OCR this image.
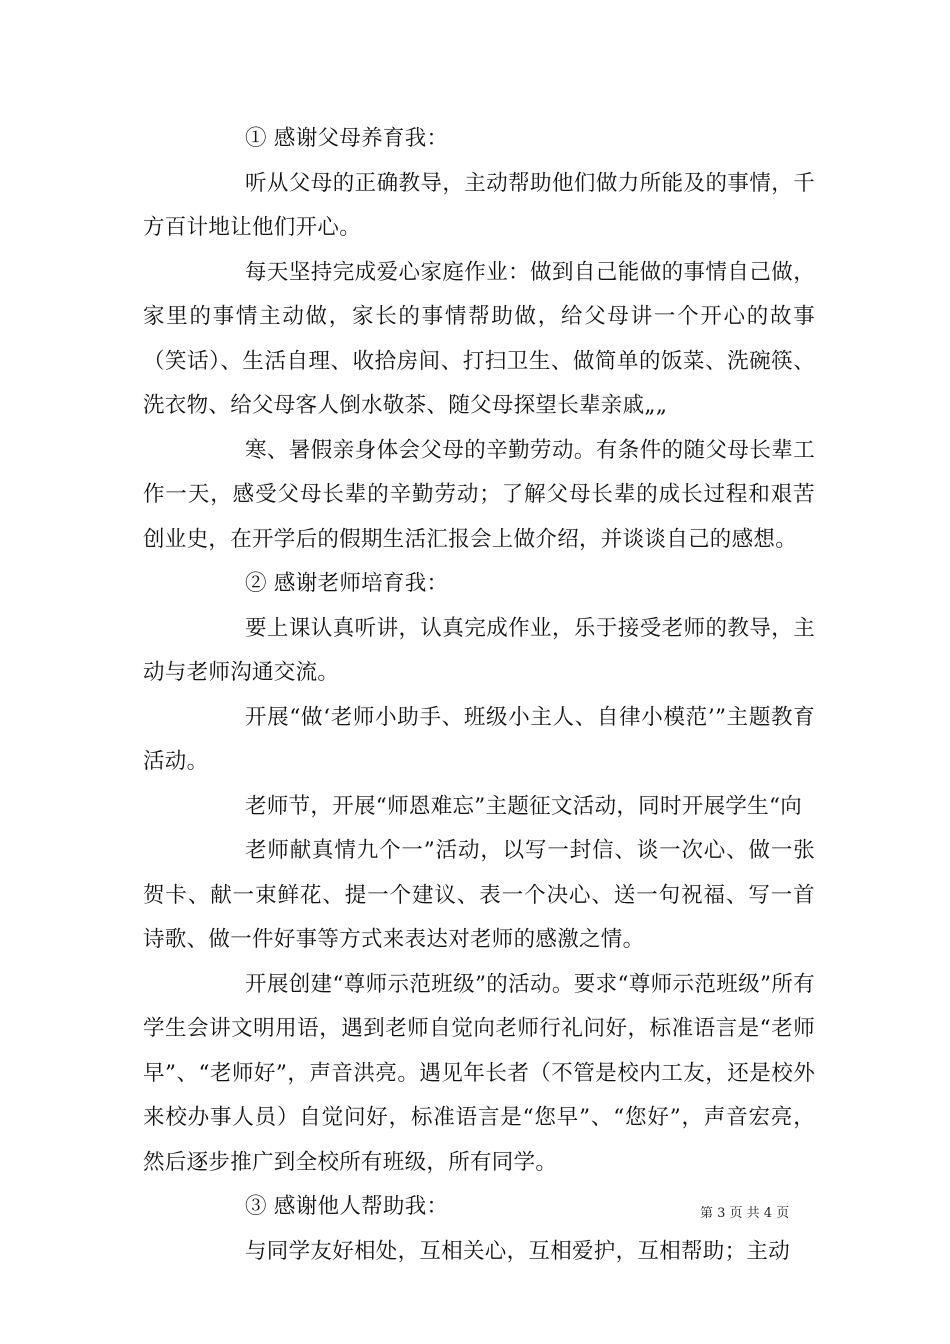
① 感谢父母养育我：

听从父母的正确教导，主动帮助他们做力所能及的事情，千方百计地让他们开心。

每天坚持完成爱心家庭作业：做到自己能做的事情自己做，家里的事情主动做，家长的事情帮助做，给父母讲一个开心的故事（笑话）、生活自理、收拾房间、打扫卫生、做简单的饭菜、洗碗筷、洗衣物、给父母客人倒水敬茶、随父母探望长辈亲戚„„

寒、暑假亲身体会父母的辛勤劳动。有条件的随父母长辈工作一天，感受父母长辈的辛勤劳动；了解父母长辈的成长过程和艰苦创业史，在开学后的假期生活汇报会上做介绍，并谈谈自己的感想。

② 感谢老师培育我：

要上课认真听讲，认真完成作业，乐于接受老师的教导，主动与老师沟通交流。

开展“做‘老师小助手、班级小主人、自律小模范’”主题教育活动。

老师节，开展“师恩难忘”主题征文活动，同时开展学生“向

老师献真情九个一”活动，以写一封信、谈一次心、做一张贺卡、献一束鲜花、提一个建议、表一个决心、送一句祝福、写一首诗歌、做一件好事等方式来表达对老师的感激之情。

开展创建“尊师示范班级”的活动。要求“尊师示范班级”所有学生会讲文明用语，遇到老师自觉向老师行礼问好，标准语言是“老师早”、“老师好”，声音洪亮。遇见年长者（不管是校内工友，还是校外来校办事人员）自觉问好，标准语言是“您早”、“您好”，声音宏亮，然后逐步推广到全校所有班级，所有同学。

③ 感谢他人帮助我：

与同学友好相处，互相关心，互相爱护，互相帮助；主动

第 3 页 共 4 页
